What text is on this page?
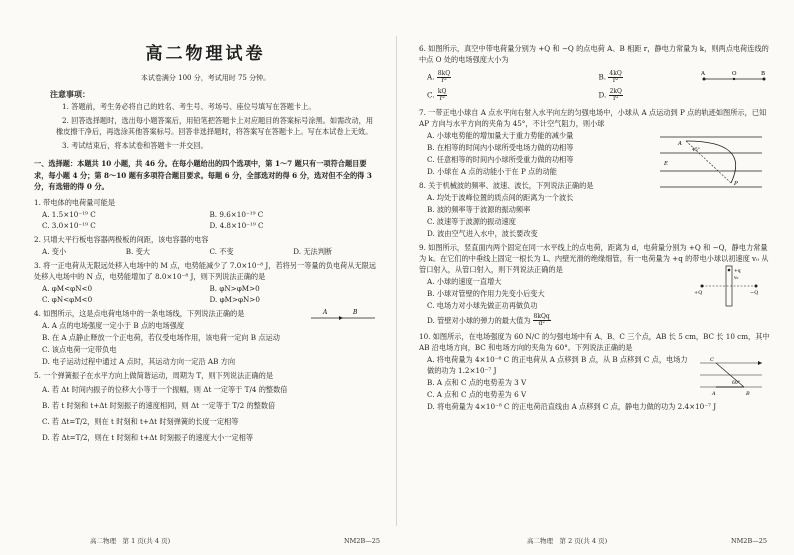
高二物理试卷
本试卷满分 100 分，考试用时 75 分钟。
注意事项：

1. 答题前，考生务必将自己的姓名、考生号、考场号、座位号填写在答题卡上。

2. 回答选择题时，选出每小题答案后，用铅笔把答题卡上对应题目的答案标号涂黑。如需改动，用橡皮擦干净后，再选涂其他答案标号。回答非选择题时，将答案写在答题卡上。写在本试卷上无效。

3. 考试结束后，将本试卷和答题卡一并交回。

一、选择题：本题共 10 小题，共 46 分。在每小题给出的四个选项中，第 1～7 题只有一项符合题目要求，每小题 4 分；第 8～10 题有多项符合题目要求。每题 6 分，全部选对的得 6 分，选对但不全的得 3 分，有选错的得 0 分。
1. 带电体的电荷量可能是
A. 1.5×10⁻¹⁹ C	B. 9.6×10⁻¹⁹ C
C. 3.0×10⁻¹⁹ C	D. 4.8×10⁻¹⁹ C
2. 只增大平行板电容器两极板的间距，该电容器的电容
A. 变小	B. 变大	C. 不变	D. 无法判断
3. 将一正电荷从无限远处移入电场中的 M 点，电势能减少了 7.0×10⁻⁸ J，若将另一等量的负电荷从无限远处移入电场中的 N 点，电势能增加了 8.0×10⁻⁸ J，则下列说法正确的是
A. φM<φN<0	B. φN>φM>0
C. φN<φM<0	D. φM>φN>0
4. 如图所示，这是点电荷电场中的一条电场线，下列说法正确的是	A	B
A. A 点的电场强度一定小于 B 点的电场强度
B. 在 A 点静止释放一个正电荷，若仅受电场作用，该电荷一定向 B 点运动
C. 该点电荷一定带负电
D. 电子运动过程中通过 A 点时，其运动方向一定沿 AB 方向
5. 一个弹簧振子在水平方向上做简谐运动，周期为 T，则下列说法正确的是
A. 若 Δt 时间内振子的位移大小等于一个振幅，则 Δt 一定等于 T/4 的整数倍
B. 若 t 时刻和 t+Δt 时刻振子的速度相同，则 Δt 一定等于 T/2 的整数倍
C. 若 Δt=T/2，则在 t 时刻和 t+Δt 时刻弹簧的长度一定相等
D. 若 Δt=T/2，则在 t 时刻和 t+Δt 时刻振子的速度大小一定相等
高二物理　第 1 页(共 4 页)	NM2B—25
6. 如图所示，真空中带电荷量分别为 +Q 和 −Q 的点电荷 A、B 相距 r，静电力常量为 k，则两点电荷连线的中点 O 处的电场强度大小为
A. $\frac{8kQ}{\text{r²}}$	B. $\frac{4kQ}{\text{r²}}$
C. $\frac{kQ}{\text{r²}}$	D. $\frac{2kQ}{\text{r²}}$
A	O	B
7. 一带正电小球自 A 点水平向右射入水平向左的匀强电场中，小球从 A 点运动到 P 点的轨迹如图所示，已知 AP 方向与水平方向的夹角为 45°，不计空气阻力，则小球
A. 小球电势能的增加量大于重力势能的减少量
B. 在相等的时间内小球所受电场力做的功相等
C. 任意相等的时间内小球所受重力做的功相等
D. 小球在 A 点的动能小于在 P 点的动能
A
E
P
45°
8. 关于机械波的频率、波速、波长，下列说法正确的是
A. 均处于波峰位置的质点间的距离为一个波长
B. 波的频率等于波源的振动频率
C. 波速等于波源的振动速度
D. 波由空气进入水中，波长要改变
9. 如图所示，竖直面内两个固定在同一水平线上的点电荷，距离为 d，电荷量分别为 +Q 和 −Q，静电力常量为 k。在它们的中垂线上固定一根长为 L、内壁光滑的绝缘细管，有一电荷量为 +q 的带电小球以初速度 v₀ 从管口射入，从管口射入，则下列说法正确的是
A. 小球的速度一直增大
B. 小球对管壁的作用力先变小后变大
C. 电场力对小球先做正功再做负功
D. 管壁对小球的弹力的最大值为 $\frac{\text{8kQq}}{\text{d²}}$
+Q	−Q
+q
v₀
10. 如图所示，在电场强度为 60 N/C 的匀强电场中有 A、B、C 三个点，AB 长 5 cm，BC 长 10 cm，其中 AB 沿电场方向，BC 和电场方向的夹角为 60°。下列说法正确的是
A. 将电荷量为 4×10⁻⁸ C 的正电荷从 A 点移到 B 点，从 B 点移到 C 点，电场力做的功为 1.2×10⁻⁷ J
B. A 点和 C 点的电势差为 3 V
C. A 点和 C 点的电势差为 6 V
D. 将电荷量为 4×10⁻⁸ C 的正电荷沿直线由 A 点移到 C 点，静电力做的功为 2.4×10⁻⁷ J
C
B
A
60°
高二物理　第 2 页(共 4 页)	NM2B—25
